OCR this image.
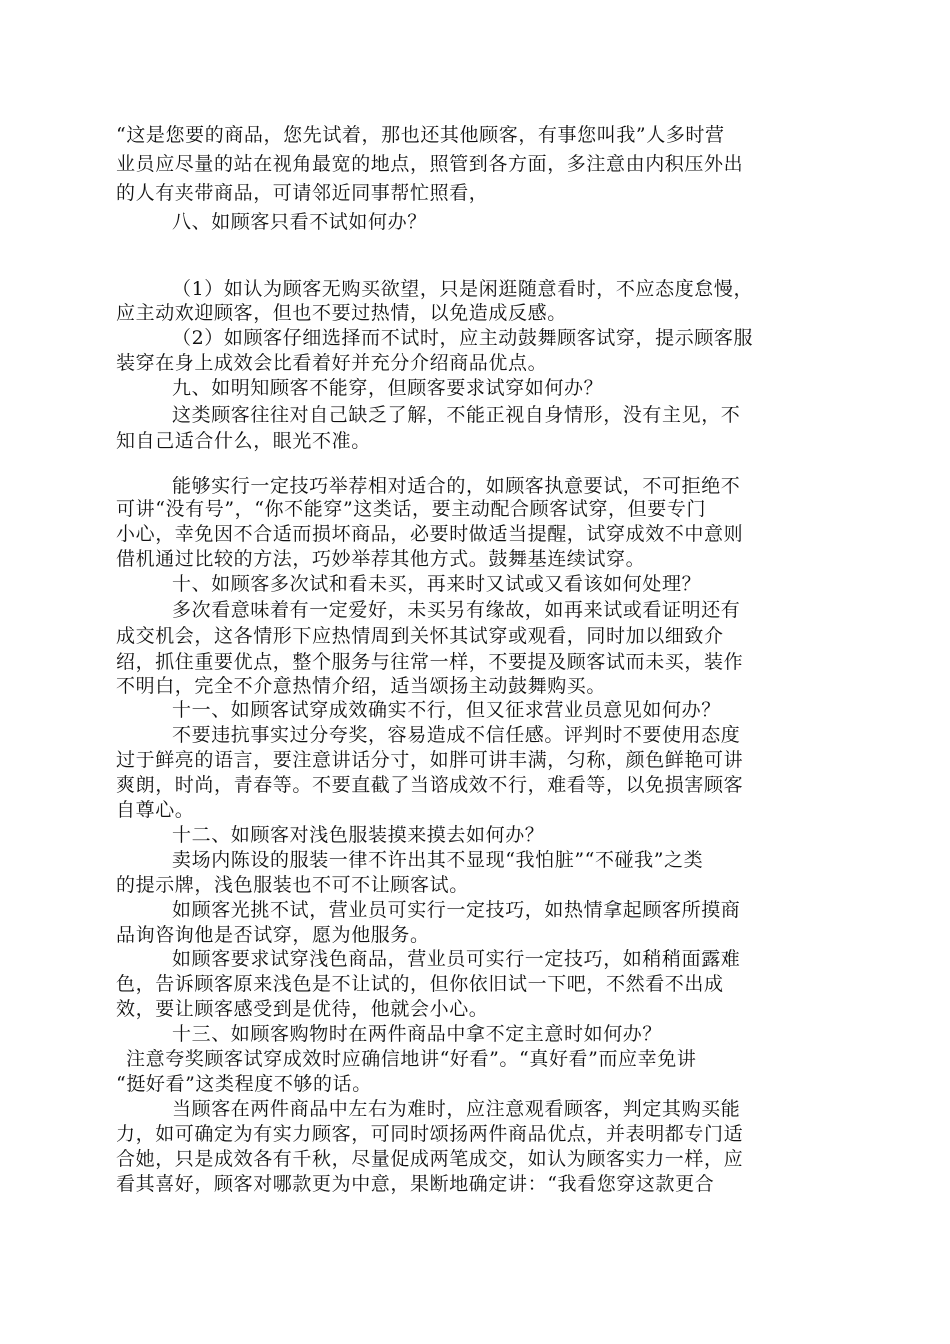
“这是您要的商品，您先试着，那也还其他顾客，有事您叫我”人多时营
业员应尽量的站在视角最宽的地点，照管到各方面，多注意由内积压外出
的人有夹带商品，可请邻近同事帮忙照看，
八、如顾客只看不试如何办？
（1）如认为顾客无购买欲望，只是闲逛随意看时，不应态度怠慢，
应主动欢迎顾客，但也不要过热情，以免造成反感。
（2）如顾客仔细选择而不试时，应主动鼓舞顾客试穿，提示顾客服
装穿在身上成效会比看着好并充分介绍商品优点。
九、如明知顾客不能穿，但顾客要求试穿如何办？
这类顾客往往对自己缺乏了解，不能正视自身情形，没有主见，不
知自己适合什么，眼光不准。
能够实行一定技巧举荐相对适合的，如顾客执意要试，不可拒绝不
可讲“没有号”，“你不能穿”这类话，要主动配合顾客试穿，但要专门
小心，幸免因不合适而损坏商品，必要时做适当提醒，试穿成效不中意则
借机通过比较的方法，巧妙举荐其他方式。鼓舞基连续试穿。
十、如顾客多次试和看未买，再来时又试或又看该如何处理？
多次看意味着有一定爱好，未买另有缘故，如再来试或看证明还有
成交机会，这各情形下应热情周到关怀其试穿或观看，同时加以细致介
绍，抓住重要优点，整个服务与往常一样，不要提及顾客试而未买，装作
不明白，完全不介意热情介绍，适当颂扬主动鼓舞购买。
十一、如顾客试穿成效确实不行，但又征求营业员意见如何办？
不要违抗事实过分夸奖，容易造成不信任感。评判时不要使用态度
过于鲜亮的语言，要注意讲话分寸，如胖可讲丰满，匀称，颜色鲜艳可讲
爽朗，时尚，青春等。不要直截了当谘成效不行，难看等，以免损害顾客
自尊心。
十二、如顾客对浅色服装摸来摸去如何办？
卖场内陈设的服装一律不许出其不显现“我怕脏”“不碰我”之类
的提示牌，浅色服装也不可不让顾客试。
如顾客光挑不试，营业员可实行一定技巧，如热情拿起顾客所摸商
品询咨询他是否试穿，愿为他服务。
如顾客要求试穿浅色商品，营业员可实行一定技巧，如稍稍面露难
色，告诉顾客原来浅色是不让试的，但你依旧试一下吧，不然看不出成
效，要让顾客感受到是优待，他就会小心。
十三、如顾客购物时在两件商品中拿不定主意时如何办？
注意夸奖顾客试穿成效时应确信地讲“好看”。“真好看”而应幸免讲
“挺好看”这类程度不够的话。
当顾客在两件商品中左右为难时，应注意观看顾客，判定其购买能
力，如可确定为有实力顾客，可同时颂扬两件商品优点，并表明都专门适
合她，只是成效各有千秋，尽量促成两笔成交，如认为顾客实力一样，应
看其喜好，顾客对哪款更为中意，果断地确定讲：“我看您穿这款更合
